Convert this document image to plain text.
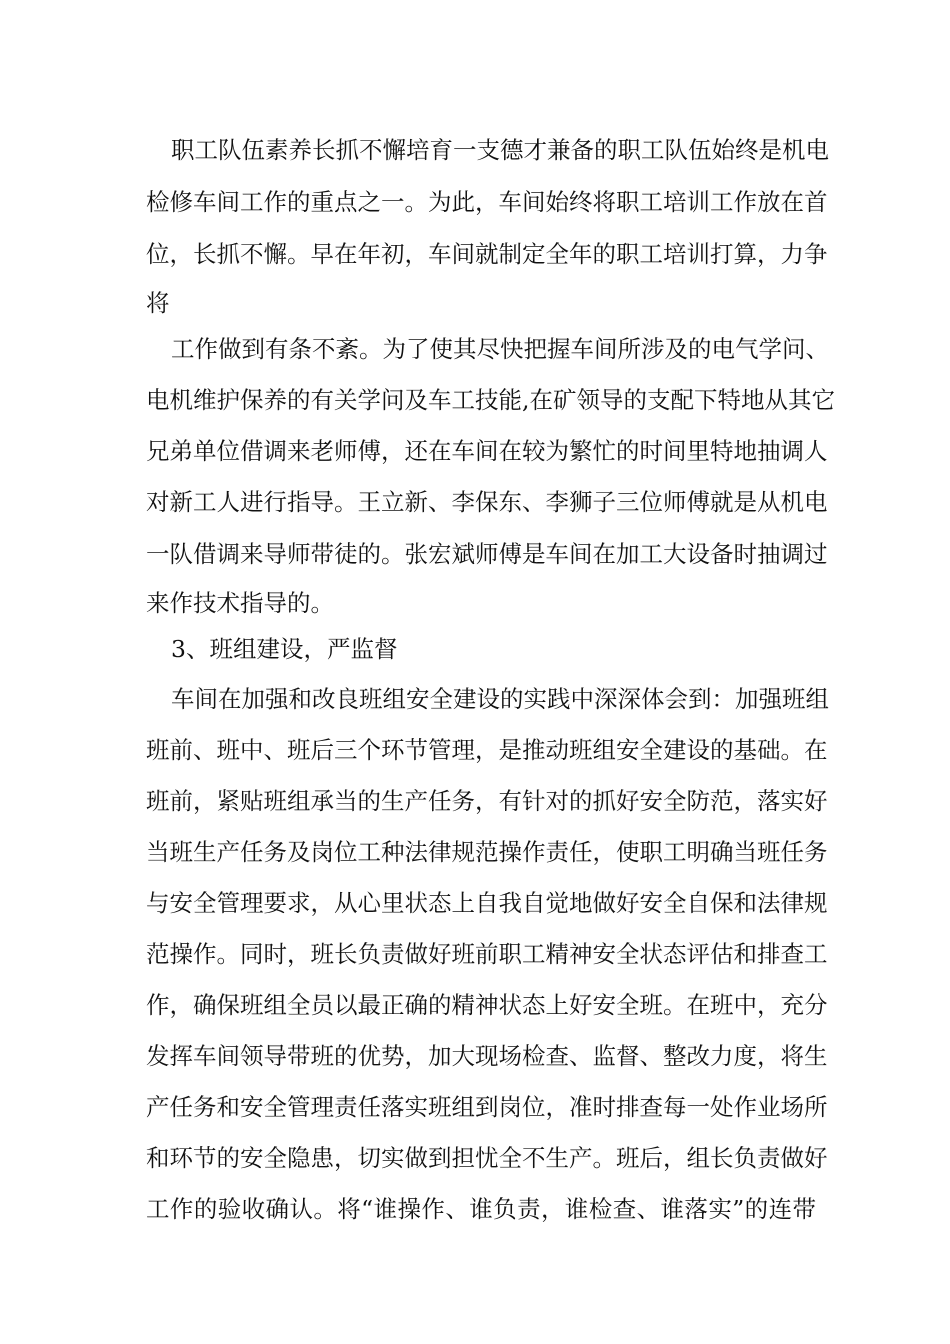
职工队伍素养长抓不懈培育一支德才兼备的职工队伍始终是机电
检修车间工作的重点之一。为此，车间始终将职工培训工作放在首
位，长抓不懈。早在年初，车间就制定全年的职工培训打算，力争
将
工作做到有条不紊。为了使其尽快把握车间所涉及的电气学问、
电机维护保养的有关学问及车工技能,在矿领导的支配下特地从其它
兄弟单位借调来老师傅，还在车间在较为繁忙的时间里特地抽调人
对新工人进行指导。王立新、李保东、李狮子三位师傅就是从机电
一队借调来导师带徒的。张宏斌师傅是车间在加工大设备时抽调过
来作技术指导的。
3、班组建设，严监督
车间在加强和改良班组安全建设的实践中深深体会到：加强班组
班前、班中、班后三个环节管理，是推动班组安全建设的基础。在
班前，紧贴班组承当的生产任务，有针对的抓好安全防范，落实好
当班生产任务及岗位工种法律规范操作责任，使职工明确当班任务
与安全管理要求，从心里状态上自我自觉地做好安全自保和法律规
范操作。同时，班长负责做好班前职工精神安全状态评估和排查工
作，确保班组全员以最正确的精神状态上好安全班。在班中，充分
发挥车间领导带班的优势，加大现场检查、监督、整改力度，将生
产任务和安全管理责任落实班组到岗位，准时排查每一处作业场所
和环节的安全隐患，切实做到担忧全不生产。班后，组长负责做好
工作的验收确认。将“谁操作、谁负责，谁检查、谁落实”的连带
